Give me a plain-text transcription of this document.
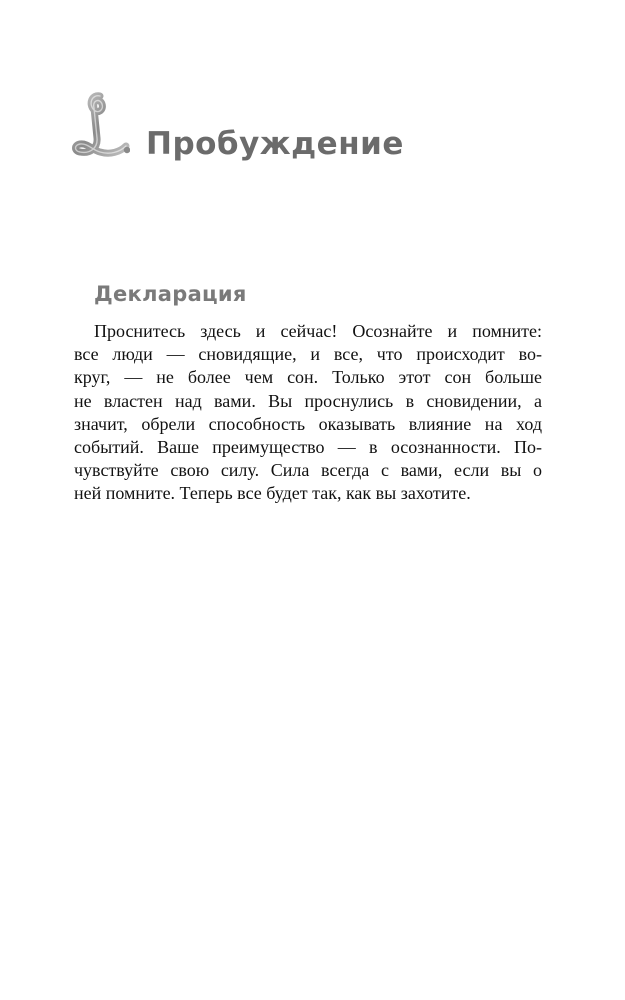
Пробуждение
Декларация
Проснитесь здесь и сейчас! Осознайте и помните:
все люди — сновидящие, и все, что происходит во-
круг, — не более чем сон. Только этот сон больше
не властен над вами. Вы проснулись в сновидении, а
значит, обрели способность оказывать влияние на ход
событий. Ваше преимущество — в осознанности. По-
чувствуйте свою силу. Сила всегда с вами, если вы о
ней помните. Теперь все будет так, как вы захотите.
